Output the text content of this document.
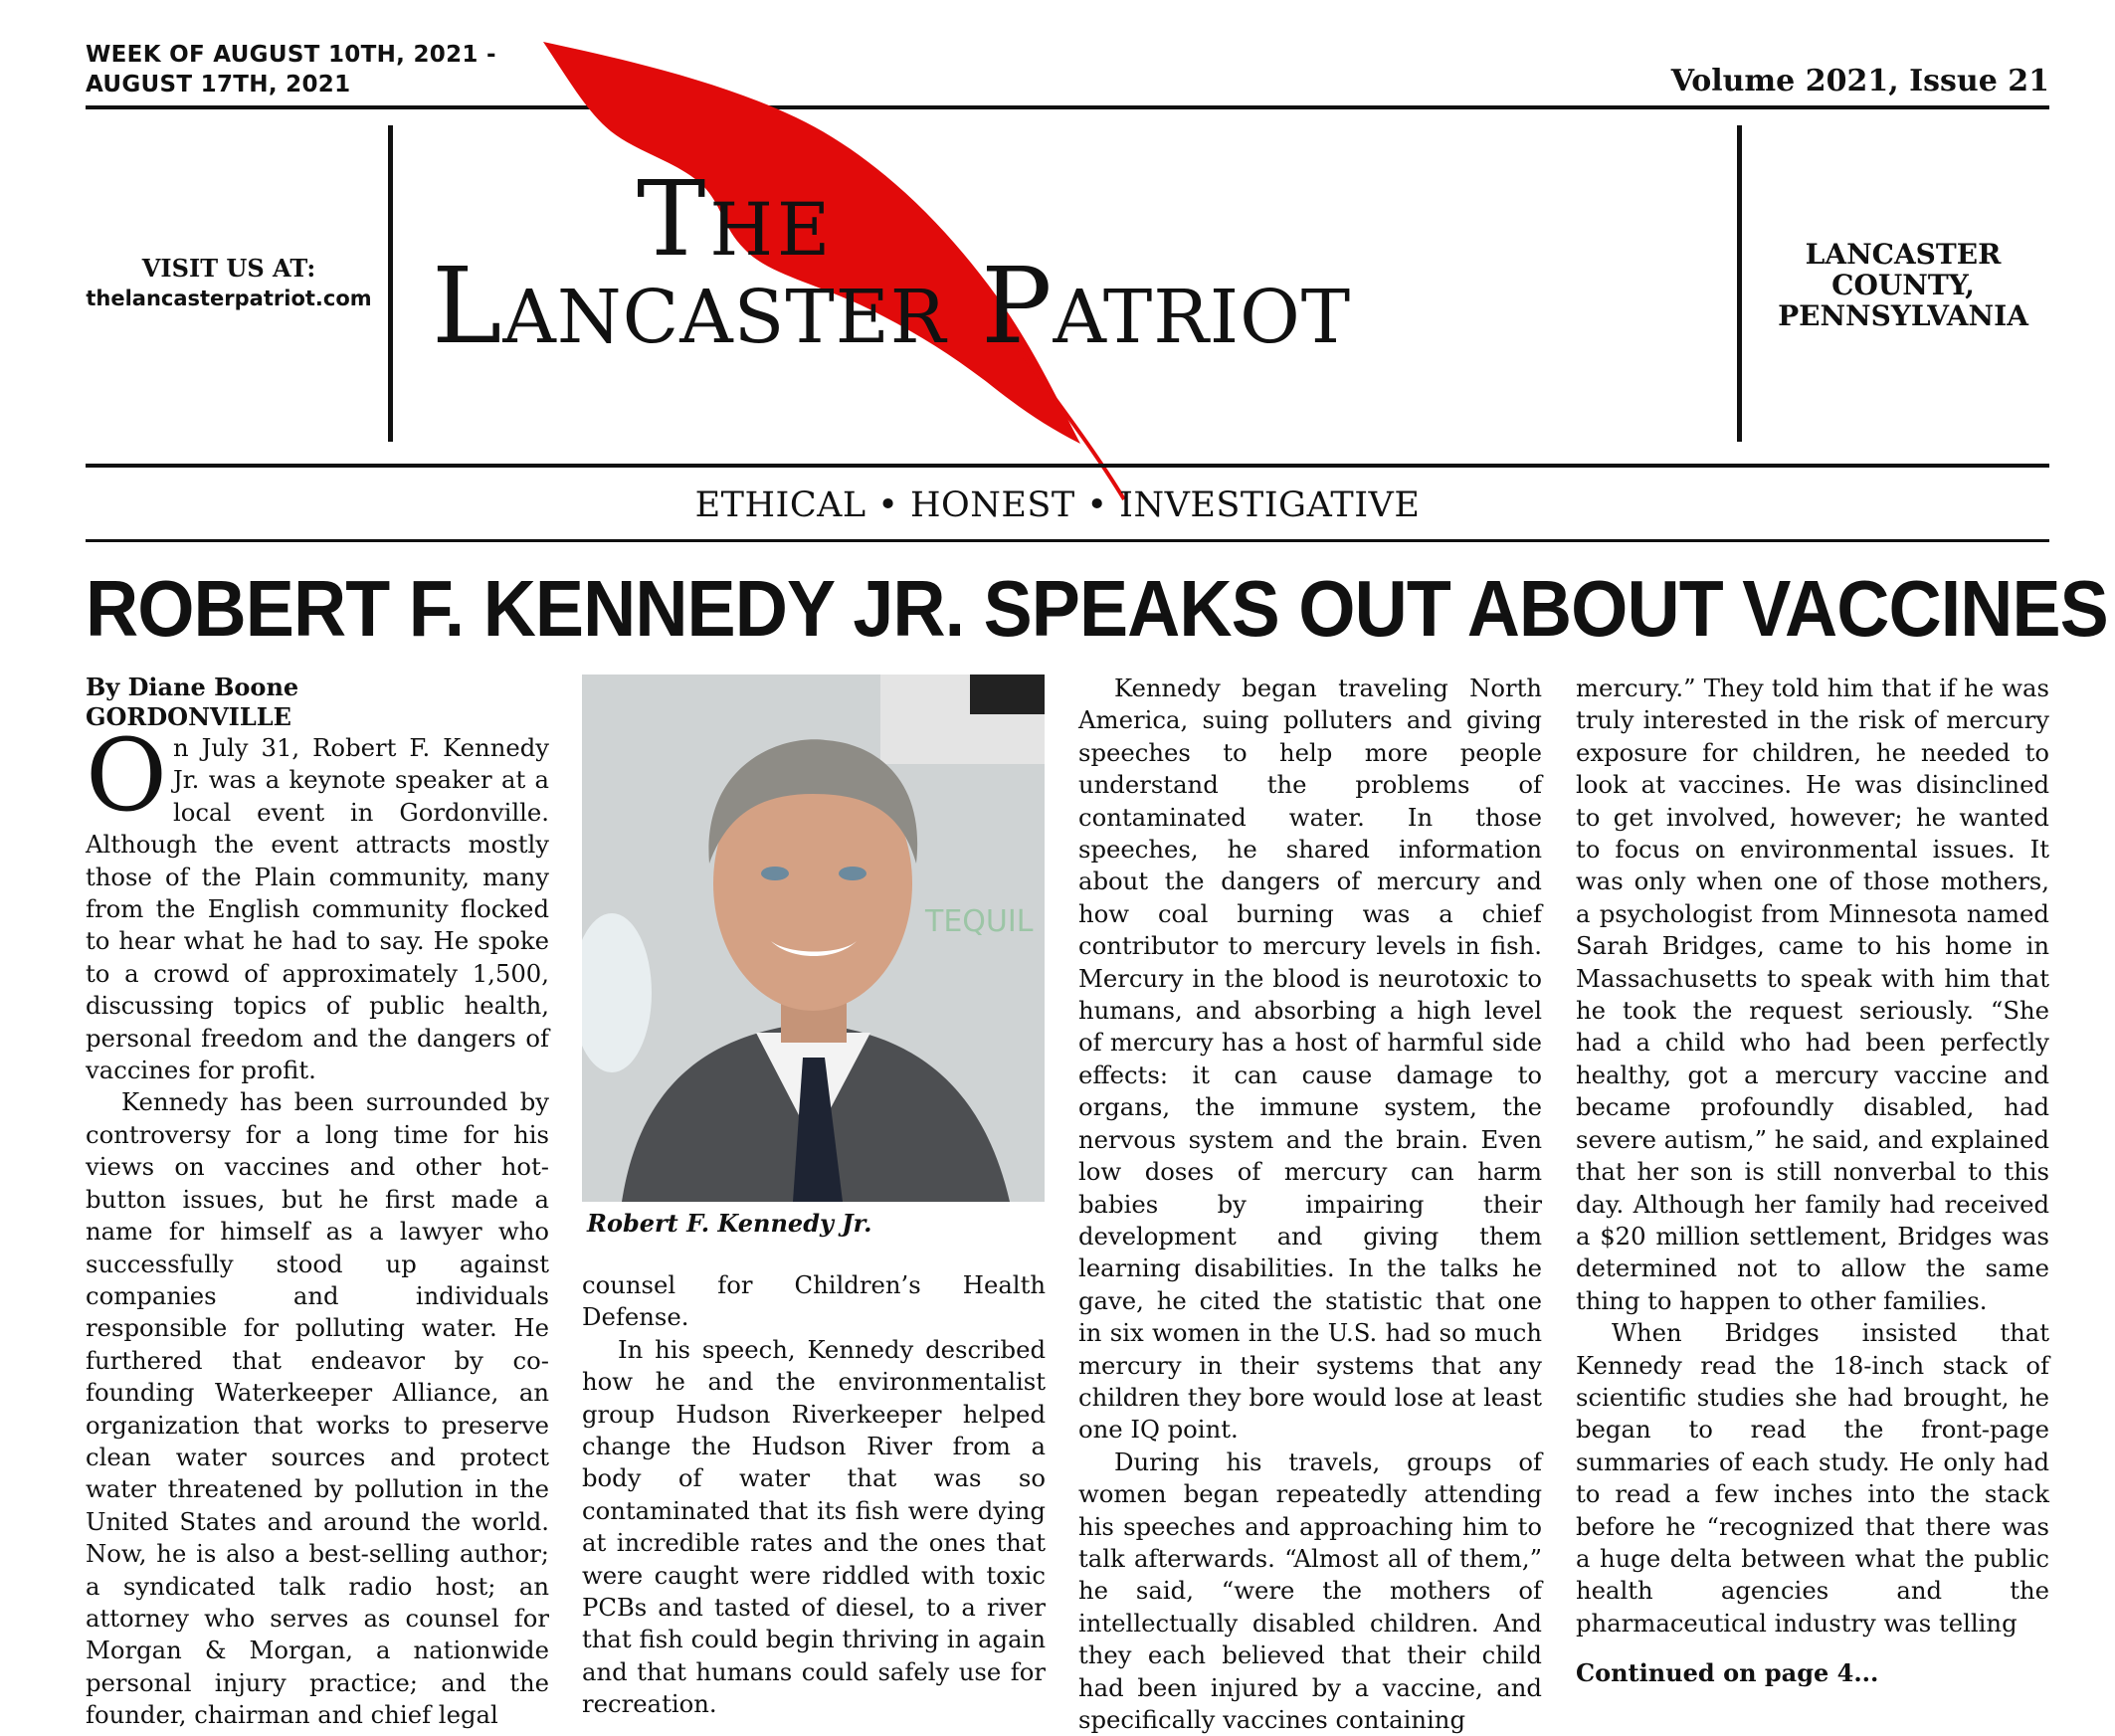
WEEK OF AUGUST 10TH, 2021 -
AUGUST 17TH, 2021	Volume 2021, Issue 21
VISIT US AT:
thelancasterpatriot.com
LANCASTER
COUNTY,
PENNSYLVANIA
The
Lancaster Patriot
ETHICAL • HONEST • INVESTIGATIVE
ROBERT F. KENNEDY JR. SPEAKS OUT ABOUT VACCINES
By Diane Boone
GORDONVILLE

On July 31, Robert F. Kennedy Jr. was a keynote speaker at a local event in Gordonville. Although the event attracts mostly those of the Plain community, many from the English community flocked to hear what he had to say. He spoke to a crowd of approximately 1,500, discussing topics of public health, personal freedom and the dangers of vaccines for profit.

Kennedy has been surrounded by controversy for a long time for his views on vaccines and other hot-button issues, but he first made a name for himself as a lawyer who successfully stood up against companies and individuals responsible for polluting water. He furthered that endeavor by co-founding Waterkeeper Alliance, an organization that works to preserve clean water sources and protect water threatened by pollution in the United States and around the world. Now, he is also a best-selling author; a syndicated talk radio host; an attorney who serves as counsel for Morgan & Morgan, a nationwide personal injury practice; and the founder, chairman and chief legal

TEQUIL
Robert F. Kennedy Jr.

counsel for Children’s Health Defense.

In his speech, Kennedy described how he and the environmentalist group Hudson Riverkeeper helped change the Hudson River from a body of water that was so contaminated that its fish were dying at incredible rates and the ones that were caught were riddled with toxic PCBs and tasted of diesel, to a river that fish could begin thriving in again and that humans could safely use for recreation.

Kennedy began traveling North America, suing polluters and giving speeches to help more people understand the problems of contaminated water. In those speeches, he shared information about the dangers of mercury and how coal burning was a chief contributor to mercury levels in fish. Mercury in the blood is neurotoxic to humans, and absorbing a high level of mercury has a host of harmful side effects: it can cause damage to organs, the immune system, the nervous system and the brain. Even low doses of mercury can harm babies by impairing their development and giving them learning disabilities. In the talks he gave, he cited the statistic that one in six women in the U.S. had so much mercury in their systems that any children they bore would lose at least one IQ point.

During his travels, groups of women began repeatedly attending his speeches and approaching him to talk afterwards. “Almost all of them,” he said, “were the mothers of intellectually disabled children. And they each believed that their child had been injured by a vaccine, and specifically vaccines containing

mercury.” They told him that if he was truly interested in the risk of mercury exposure for children, he needed to look at vaccines. He was disinclined to get involved, however; he wanted to focus on environmental issues. It was only when one of those mothers, a psychologist from Minnesota named Sarah Bridges, came to his home in Massachusetts to speak with him that he took the request seriously. “She had a child who had been perfectly healthy, got a mercury vaccine and became profoundly disabled, had severe autism,” he said, and explained that her son is still nonverbal to this day. Although her family had received a $20 million settlement, Bridges was determined not to allow the same thing to happen to other families.

When Bridges insisted that Kennedy read the 18-inch stack of scientific studies she had brought, he began to read the front-page summaries of each study. He only had to read a few inches into the stack before he “recognized that there was a huge delta between what the public health agencies and the pharmaceutical industry was telling

Continued on page 4...
